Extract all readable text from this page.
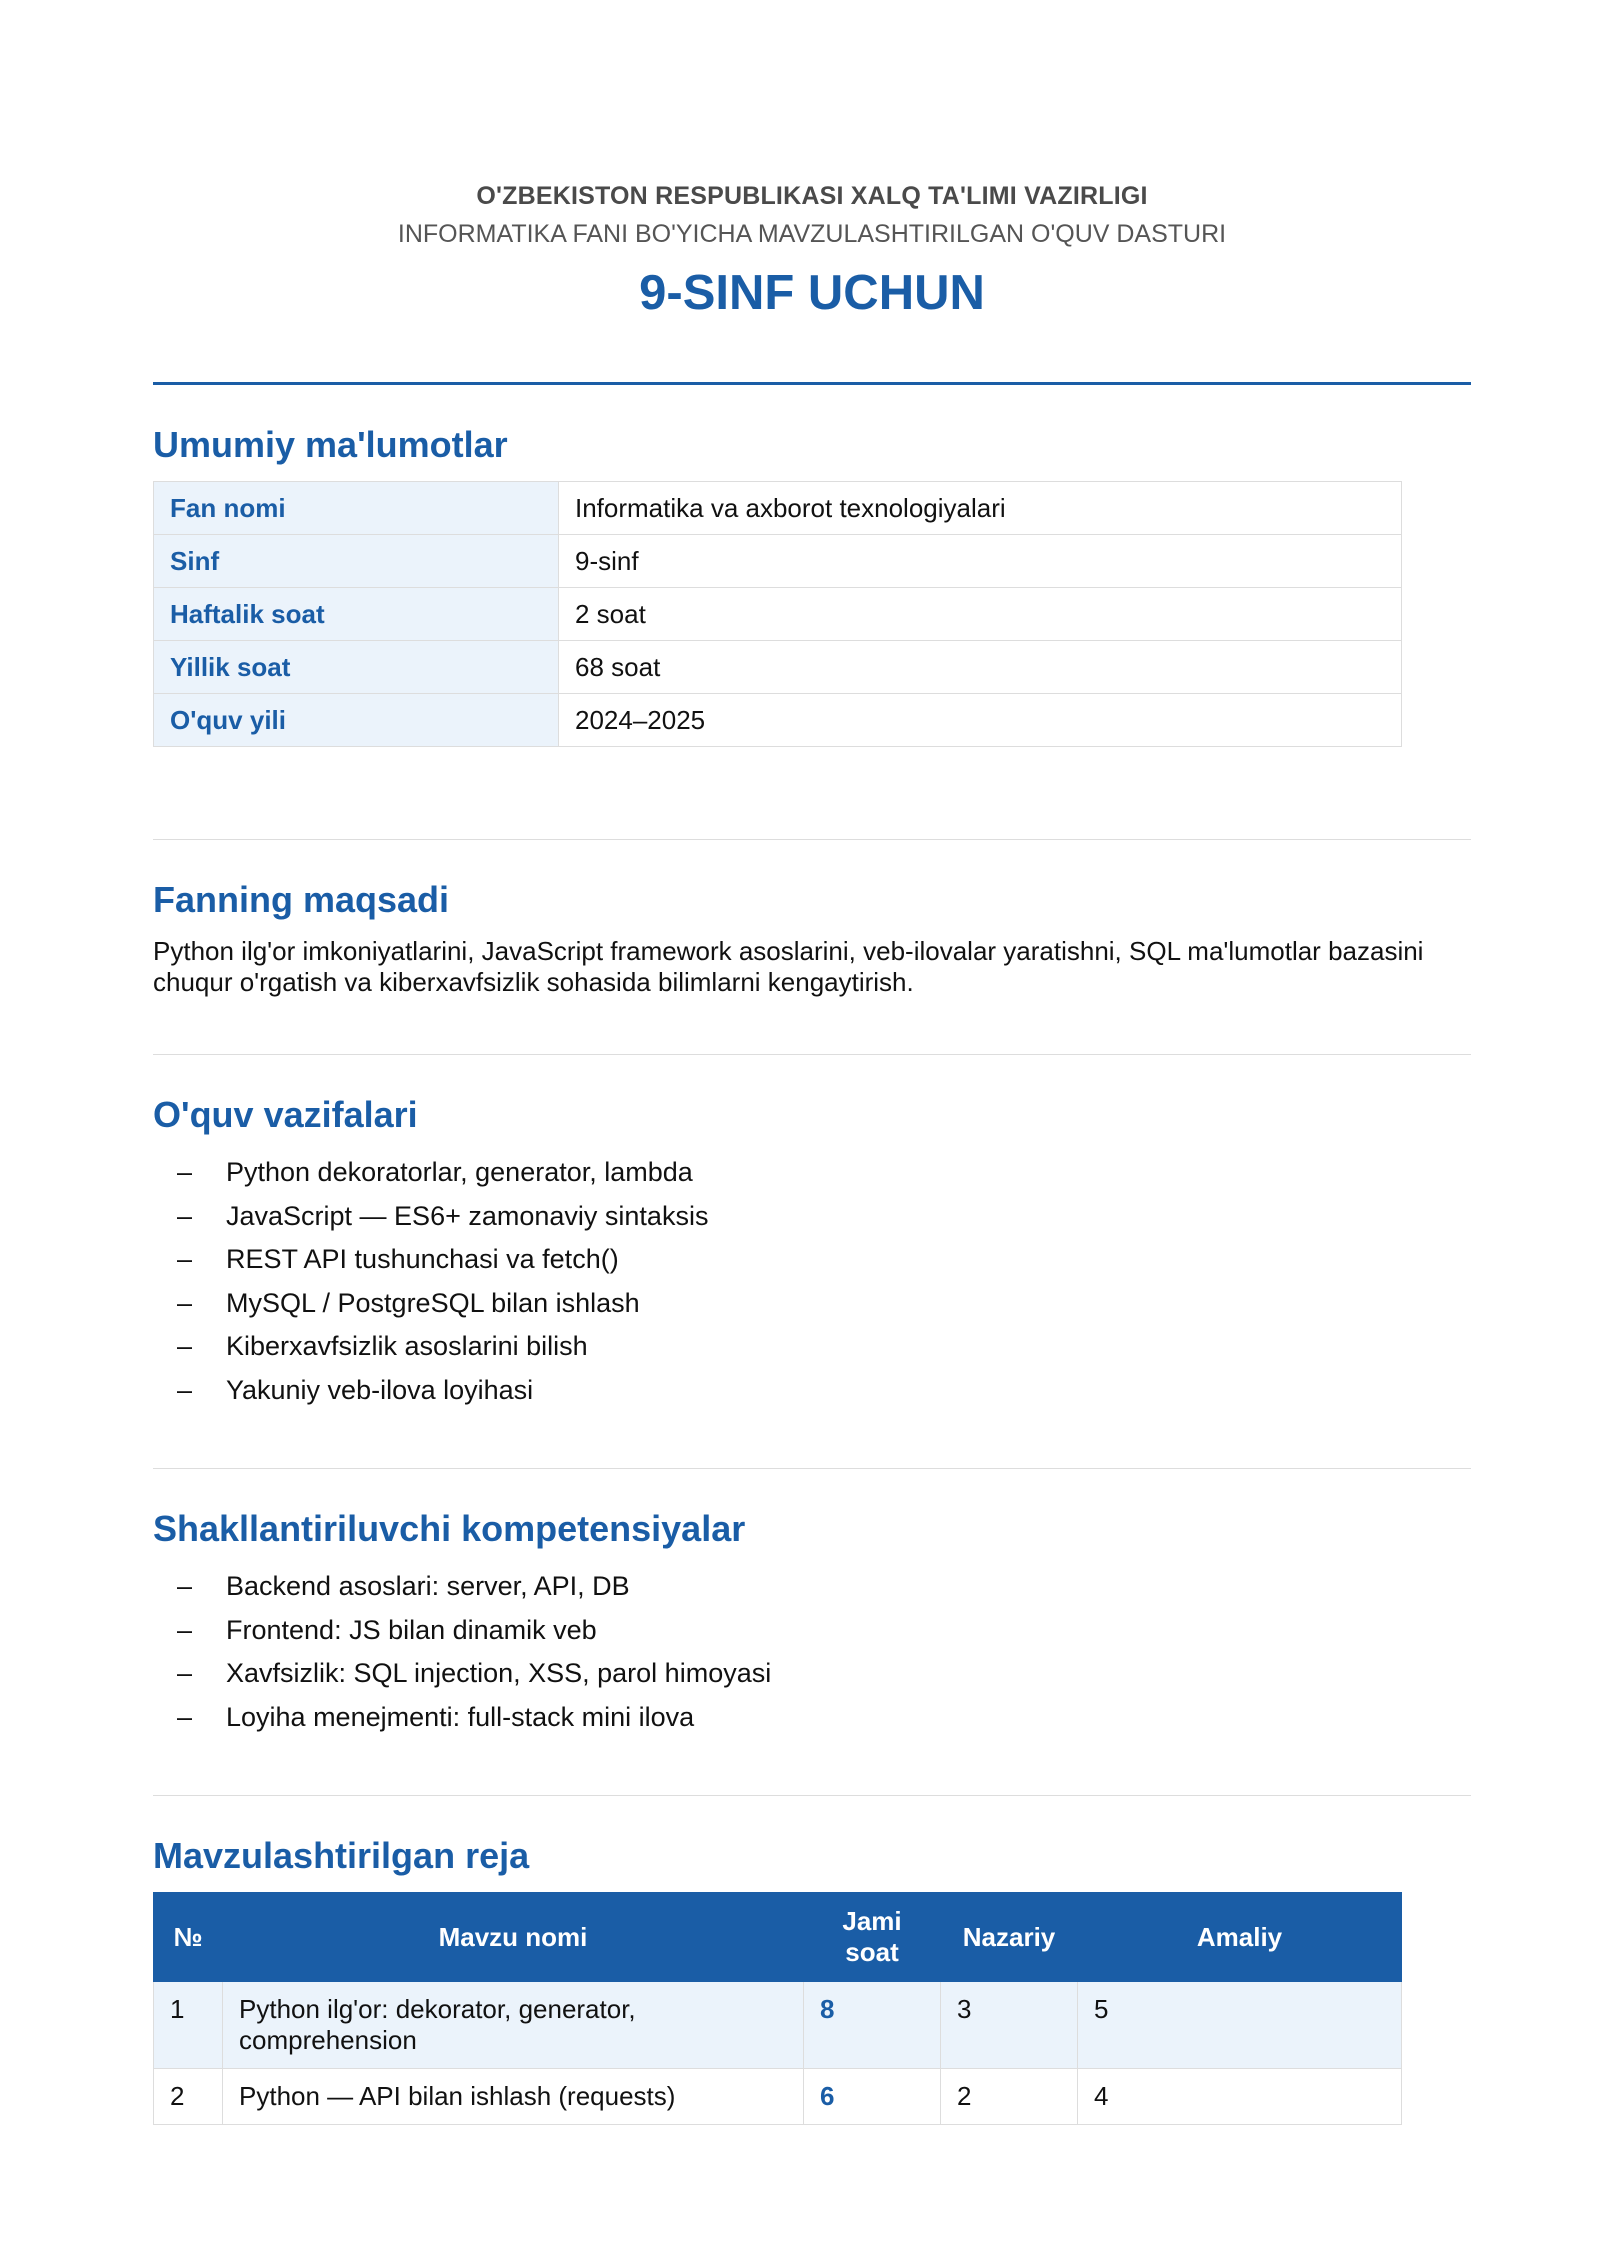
O'ZBEKISTON RESPUBLIKASI XALQ TA'LIMI VAZIRLIGI
INFORMATIKA FANI BO'YICHA MAVZULASHTIRILGAN O'QUV DASTURI
9-SINF UCHUN
Umumiy ma'lumotlar
Fan nomi	Informatika va axborot texnologiyalari
Sinf	9-sinf
Haftalik soat	2 soat
Yillik soat	68 soat
O'quv yili	2024–2025
Fanning maqsadi

Python ilg'or imkoniyatlarini, JavaScript framework asoslarini, veb-ilovalar yaratishni, SQL ma'lumotlar bazasini chuqur o'rgatish va kiberxavfsizlik sohasida bilimlarni kengaytirish.

O'quv vazifalari
– Python dekoratorlar, generator, lambda
– JavaScript — ES6+ zamonaviy sintaksis
– REST API tushunchasi va fetch()
– MySQL / PostgreSQL bilan ishlash
– Kiberxavfsizlik asoslarini bilish
– Yakuniy veb-ilova loyihasi
Shakllantiriluvchi kompetensiyalar
– Backend asoslari: server, API, DB
– Frontend: JS bilan dinamik veb
– Xavfsizlik: SQL injection, XSS, parol himoyasi
– Loyiha menejmenti: full-stack mini ilova
Mavzulashtirilgan reja
№	Mavzu nomi	Jami soat	Nazariy	Amaliy
1	Python ilg'or: dekorator, generator, comprehension	8	3	5
2	Python — API bilan ishlash (requests)	6	2	4
